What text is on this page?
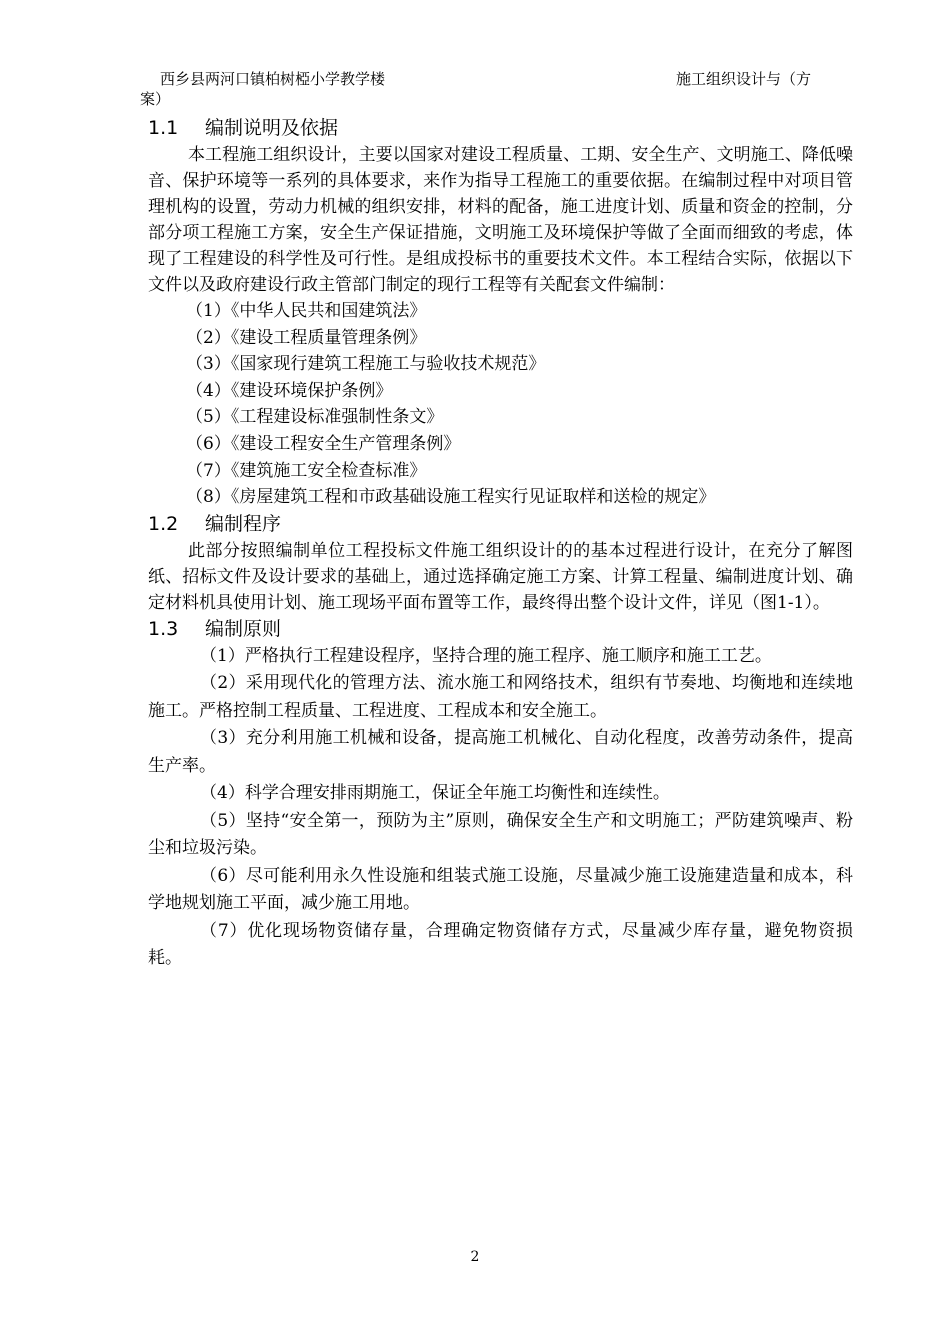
西乡县两河口镇柏树椏小学教学楼	施工组织设计与（方
案）
1.1 编制说明及依据

本工程施工组织设计，主要以国家对建设工程质量、工期、安全生产、文明施工、降低噪音、保护环境等一系列的具体要求，来作为指导工程施工的重要依据。在编制过程中对项目管理机构的设置，劳动力机械的组织安排，材料的配备，施工进度计划、质量和资金的控制，分部分项工程施工方案，安全生产保证措施，文明施工及环境保护等做了全面而细致的考虑，体现了工程建设的科学性及可行性。是组成投标书的重要技术文件。本工程结合实际，依据以下文件以及政府建设行政主管部门制定的现行工程等有关配套文件编制：

（1）《中华人民共和国建筑法》
（2）《建设工程质量管理条例》
（3）《国家现行建筑工程施工与验收技术规范》
（4）《建设环境保护条例》
（5）《工程建设标准强制性条文》
（6）《建设工程安全生产管理条例》
（7）《建筑施工安全检查标准》
（8）《房屋建筑工程和市政基础设施工程实行见证取样和送检的规定》
1.2 编制程序

此部分按照编制单位工程投标文件施工组织设计的的基本过程进行设计，在充分了解图纸、招标文件及设计要求的基础上，通过选择确定施工方案、计算工程量、编制进度计划、确定材料机具使用计划、施工现场平面布置等工作，最终得出整个设计文件，详见（图1-1）。

1.3 编制原则

（1）严格执行工程建设程序，坚持合理的施工程序、施工顺序和施工工艺。

（2）采用现代化的管理方法、流水施工和网络技术，组织有节奏地、均衡地和连续地施工。严格控制工程质量、工程进度、工程成本和安全施工。

（3）充分利用施工机械和设备，提高施工机械化、自动化程度，改善劳动条件，提高生产率。

（4）科学合理安排雨期施工，保证全年施工均衡性和连续性。

（5）坚持“安全第一，预防为主”原则，确保安全生产和文明施工；严防建筑噪声、粉尘和垃圾污染。

（6）尽可能利用永久性设施和组装式施工设施，尽量减少施工设施建造量和成本，科学地规划施工平面，减少施工用地。

（7）优化现场物资储存量，合理确定物资储存方式，尽量减少库存量，避免物资损耗。

2
